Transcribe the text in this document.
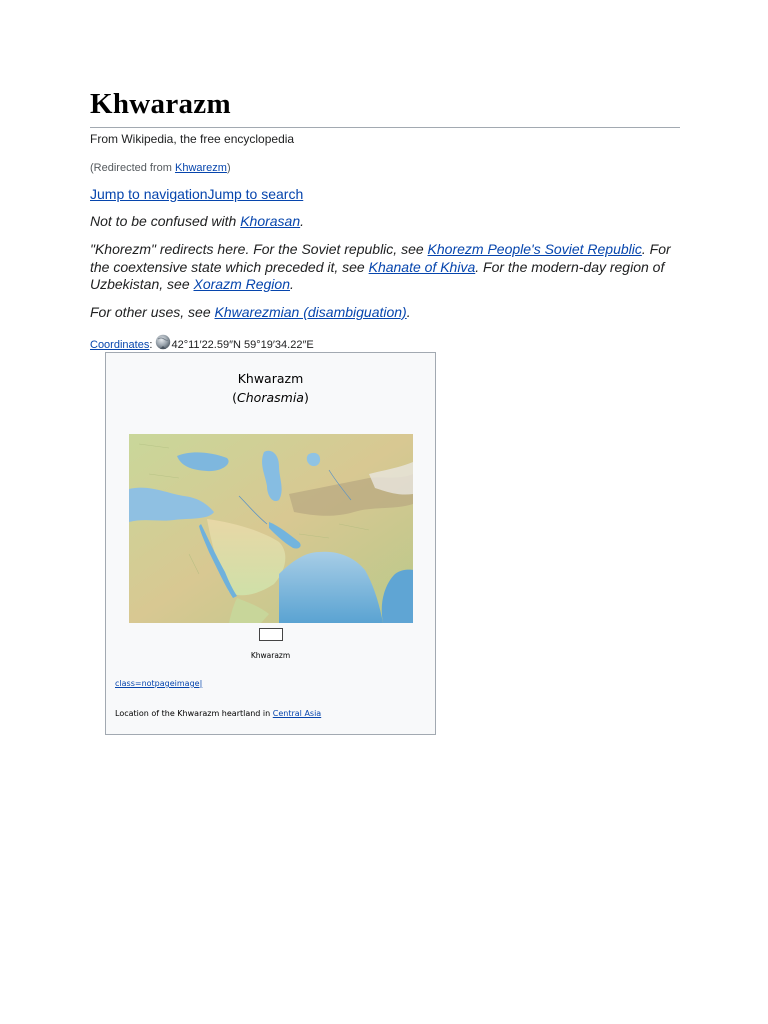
Khwarazm
From Wikipedia, the free encyclopedia
(Redirected from Khwarezm)
Jump to navigationJump to search
Not to be confused with Khorasan.
"Khorezm" redirects here. For the Soviet republic, see Khorezm People's Soviet Republic. For the coextensive state which preceded it, see Khanate of Khiva. For the modern-day region of Uzbekistan, see Xorazm Region.
For other uses, see Khwarezmian (disambiguation).
Coordinates: 42°11′22.59″N 59°19′34.22″E
Khwarazm
(Chorasmia)
Khwarazm
class=notpageimage|
Location of the Khwarazm heartland in Central Asia
